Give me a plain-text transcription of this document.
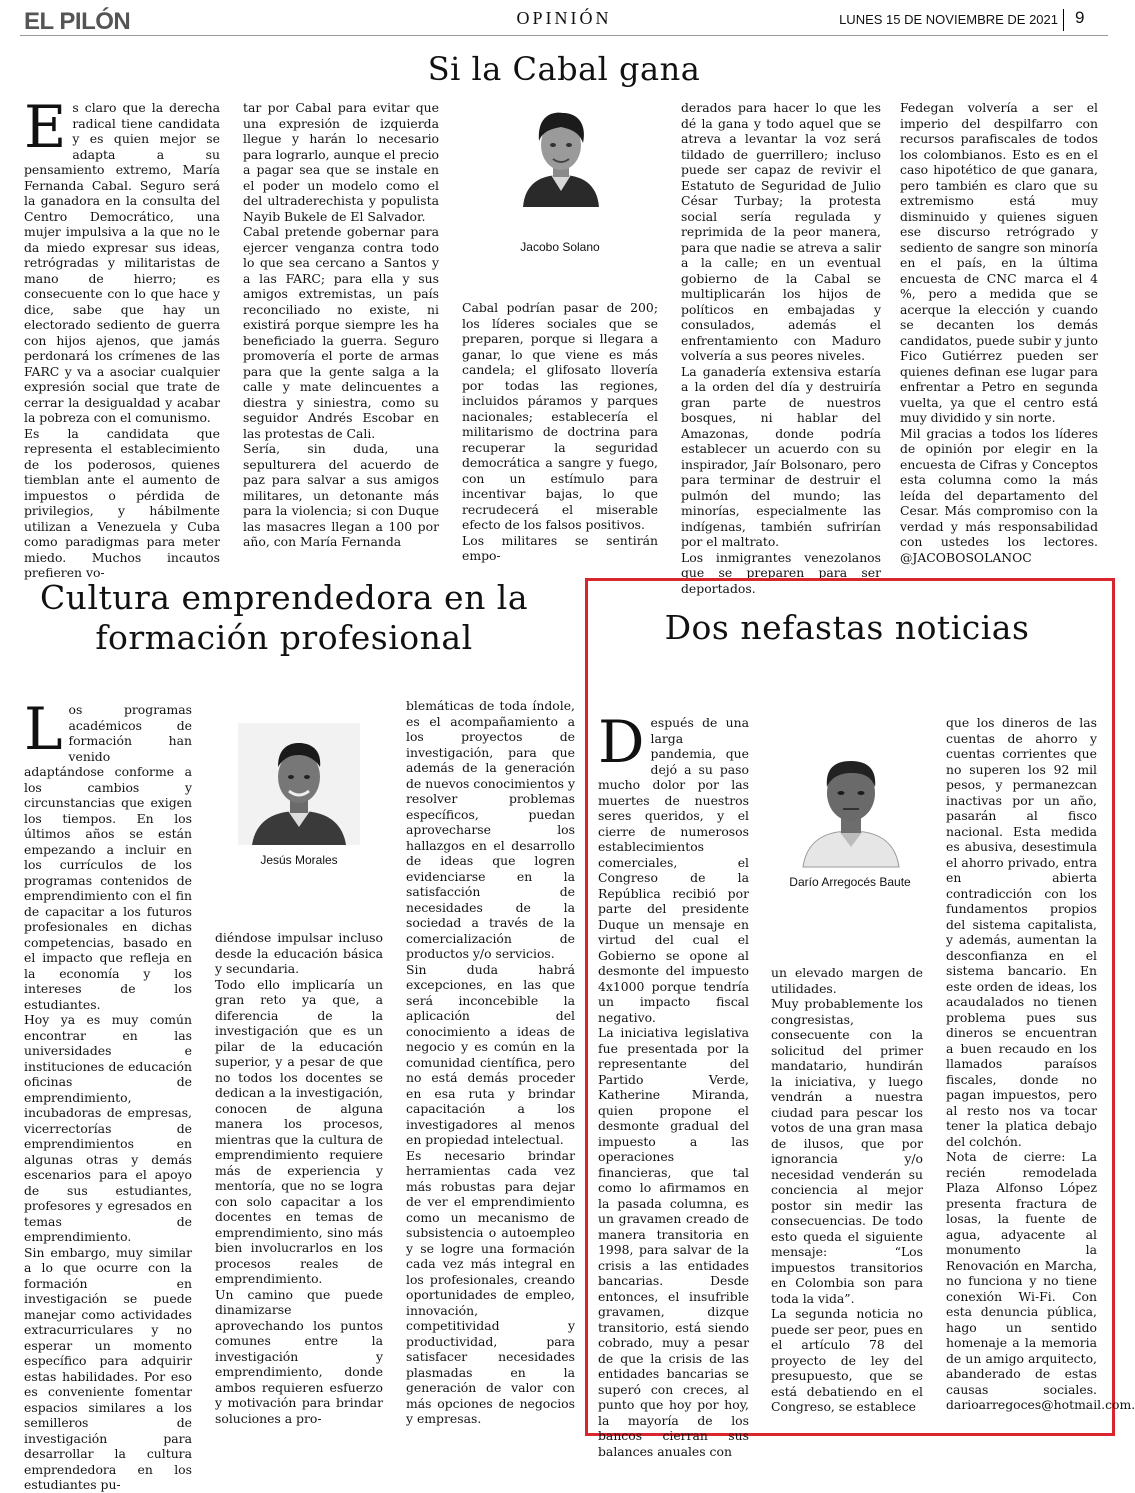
EL PILÓN	OPINIÓN	LUNES 15 DE NOVIEMBRE DE 2021 9
Si la Cabal gana
Es claro que la derecha radical tiene candidata y es quien mejor se adapta a su pensamiento extremo, María Fernanda Cabal. Seguro será la ganadora en la consulta del Centro Democrático, una mujer impulsiva a la que no le da miedo expresar sus ideas, retrógradas y militaristas de mano de hierro; es consecuente con lo que hace y dice, sabe que hay un electorado sediento de guerra con hijos ajenos, que jamás perdonará los crímenes de las FARC y va a asociar cualquier expresión social que trate de cerrar la desigualdad y acabar la pobreza con el comunismo.

Es la candidata que representa el establecimiento de los poderosos, quienes tiemblan ante el aumento de impuestos o pérdida de privilegios, y hábilmente utilizan a Venezuela y Cuba como paradigmas para meter miedo. Muchos incautos prefieren vo-

tar por Cabal para evitar que una expresión de izquierda llegue y harán lo necesario para lograrlo, aunque el precio a pagar sea que se instale en el poder un modelo como el del ultraderechista y populista Nayib Bukele de El Salvador.

Cabal pretende gobernar para ejercer venganza contra todo lo que sea cercano a Santos y a las FARC; para ella y sus amigos extremistas, un país reconciliado no existe, ni existirá porque siempre les ha beneficiado la guerra. Seguro promovería el porte de armas para que la gente salga a la calle y mate delincuentes a diestra y siniestra, como su seguidor Andrés Escobar en las protestas de Cali.

Sería, sin duda, una sepulturera del acuerdo de paz para salvar a sus amigos militares, un detonante más para la violencia; si con Duque las masacres llegan a 100 por año, con María Fernanda

Jacobo Solano
Cabal podrían pasar de 200; los líderes sociales que se preparen, porque si llegara a ganar, lo que viene es más candela; el glifosato llovería por todas las regiones, incluidos páramos y parques nacionales; establecería el militarismo de doctrina para recuperar la seguridad democrática a sangre y fuego, con un estímulo para incentivar bajas, lo que recrudecerá el miserable efecto de los falsos positivos.

Los militares se sentirán empo-

derados para hacer lo que les dé la gana y todo aquel que se atreva a levantar la voz será tildado de guerrillero; incluso puede ser capaz de revivir el Estatuto de Seguridad de Julio César Turbay; la protesta social sería regulada y reprimida de la peor manera, para que nadie se atreva a salir a la calle; en un eventual gobierno de la Cabal se multiplicarán los hijos de políticos en embajadas y consulados, además el enfrentamiento con Maduro volvería a sus peores niveles.

La ganadería extensiva estaría a la orden del día y destruiría gran parte de nuestros bosques, ni hablar del Amazonas, donde podría establecer un acuerdo con su inspirador, Jaír Bolsonaro, pero para terminar de destruir el pulmón del mundo; las minorías, especialmente las indígenas, también sufrirían por el maltrato.

Los inmigrantes venezolanos que se preparen para ser deportados.

Fedegan volvería a ser el imperio del despilfarro con recursos parafiscales de todos los colombianos. Esto es en el caso hipotético de que ganara, pero también es claro que su extremismo está muy disminuido y quienes siguen ese discurso retrógrado y sediento de sangre son minoría en el país, en la última encuesta de CNC marca el 4 %, pero a medida que se acerque la elección y cuando se decanten los demás candidatos, puede subir y junto Fico Gutiérrez pueden ser quienes definan ese lugar para enfrentar a Petro en segunda vuelta, ya que el centro está muy dividido y sin norte.

Mil gracias a todos los líderes de opinión por elegir en la encuesta de Cifras y Conceptos esta columna como la más leída del departamento del Cesar. Más compromiso con la verdad y más responsabilidad con ustedes los lectores. @JACOBOSOLANOC

Cultura emprendedora en la
formación profesional
Los programas académicos de formación han venido adaptándose conforme a los cambios y circunstancias que exigen los tiempos. En los últimos años se están empezando a incluir en los currículos de los programas contenidos de emprendimiento con el fin de capacitar a los futuros profesionales en dichas competencias, basado en el impacto que refleja en la economía y los intereses de los estudiantes.

Hoy ya es muy común encontrar en las universidades e instituciones de educación oficinas de emprendimiento, incubadoras de empresas, vicerrectorías de emprendimientos en algunas otras y demás escenarios para el apoyo de sus estudiantes, profesores y egresados en temas de emprendimiento.

Sin embargo, muy similar a lo que ocurre con la formación en investigación se puede manejar como actividades extracurriculares y no esperar un momento específico para adquirir estas habilidades. Por eso es conveniente fomentar espacios similares a los semilleros de investigación para desarrollar la cultura emprendedora en los estudiantes pu-

Jesús Morales
diéndose impulsar incluso desde la educación básica y secundaria.

Todo ello implicaría un gran reto ya que, a diferencia de la investigación que es un pilar de la educación superior, y a pesar de que no todos los docentes se dedican a la investigación, conocen de alguna manera los procesos, mientras que la cultura de emprendimiento requiere más de experiencia y mentoría, que no se logra con solo capacitar a los docentes en temas de emprendimiento, sino más bien involucrarlos en los procesos reales de emprendimiento.

Un camino que puede dinamizarse aprovechando los puntos comunes entre la investigación y emprendimiento, donde ambos requieren esfuerzo y motivación para brindar soluciones a pro-

blemáticas de toda índole, es el acompañamiento a los proyectos de investigación, para que además de la generación de nuevos conocimientos y resolver problemas específicos, puedan aprovecharse los hallazgos en el desarrollo de ideas que logren evidenciarse en la satisfacción de necesidades de la sociedad a través de la comercialización de productos y/o servicios.

Sin duda habrá excepciones, en las que será inconcebible la aplicación del conocimiento a ideas de negocio y es común en la comunidad científica, pero no está demás proceder en esa ruta y brindar capacitación a los investigadores al menos en propiedad intelectual.

Es necesario brindar herramientas cada vez más robustas para dejar de ver el emprendimiento como un mecanismo de subsistencia o autoempleo y se logre una formación cada vez más integral en los profesionales, creando oportunidades de empleo, innovación, competitividad y productividad, para satisfacer necesidades plasmadas en la generación de valor con más opciones de negocios y empresas.

Dos nefastas noticias
Después de una larga pandemia, que dejó a su paso mucho dolor por las muertes de nuestros seres queridos, y el cierre de numerosos establecimientos comerciales, el Congreso de la República recibió por parte del presidente Duque un mensaje en virtud del cual el Gobierno se opone al desmonte del impuesto 4x1000 porque tendría un impacto fiscal negativo.

La iniciativa legislativa fue presentada por la representante del Partido Verde, Katherine Miranda, quien propone el desmonte gradual del impuesto a las operaciones financieras, que tal como lo afirmamos en la pasada columna, es un gravamen creado de manera transitoria en 1998, para salvar de la crisis a las entidades bancarias. Desde entonces, el insufrible gravamen, dizque transitorio, está siendo cobrado, muy a pesar de que la crisis de las entidades bancarias se superó con creces, al punto que hoy por hoy, la mayoría de los bancos cierran sus balances anuales con

Darío Arregocés Baute
un elevado margen de utilidades.

Muy probablemente los congresistas, consecuente con la solicitud del primer mandatario, hundirán la iniciativa, y luego vendrán a nuestra ciudad para pescar los votos de una gran masa de ilusos, que por ignorancia y/o necesidad venderán su conciencia al mejor postor sin medir las consecuencias. De todo esto queda el siguiente mensaje: “Los impuestos transitorios en Colombia son para toda la vida”.

La segunda noticia no puede ser peor, pues en el artículo 78 del proyecto de ley del presupuesto, que se está debatiendo en el Congreso, se establece

que los dineros de las cuentas de ahorro y cuentas corrientes que no superen los 92 mil pesos, y permanezcan inactivas por un año, pasarán al fisco nacional. Esta medida es abusiva, desestimula el ahorro privado, entra en abierta contradicción con los fundamentos propios del sistema capitalista, y además, aumentan la desconfianza en el sistema bancario. En este orden de ideas, los acaudalados no tienen problema pues sus dineros se encuentran a buen recaudo en los llamados paraísos fiscales, donde no pagan impuestos, pero al resto nos va tocar tener la platica debajo del colchón.

Nota de cierre: La recién remodelada Plaza Alfonso López presenta fractura de losas, la fuente de agua, adyacente al monumento la Renovación en Marcha, no funciona y no tiene conexión Wi-Fi. Con esta denuncia pública, hago un sentido homenaje a la memoria de un amigo arquitecto, abanderado de estas causas sociales. darioarregoces@hotmail.com.
